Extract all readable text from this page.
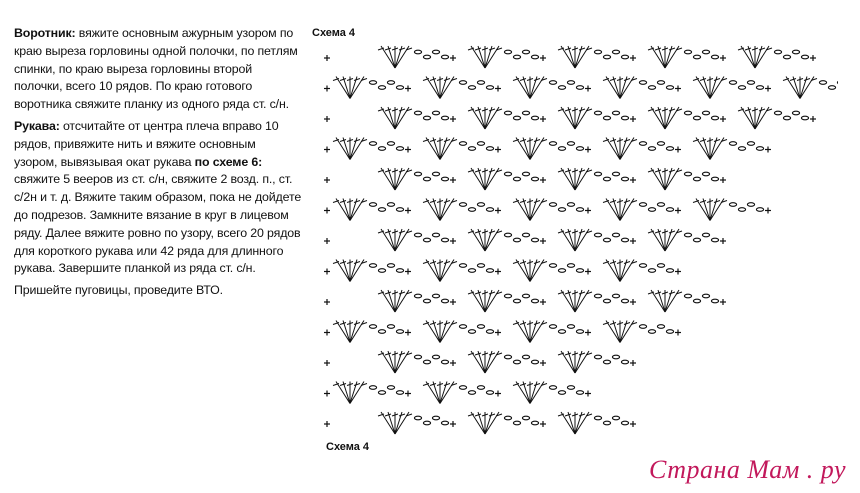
Воротник: вяжите основным ажурным узором по краю выреза горловины одной полочки, по петлям спинки, по краю выреза горловины второй полочки, всего 10 рядов. По краю готового воротника свяжите планку из одного ряда ст. с/н.

Рукава: отсчитайте от центра плеча вправо 10 рядов, привяжите нить и вяжите основным узором, вывязывая окат рукава по схеме 6: свяжите 5 вееров из ст. с/н, свяжите 2 возд. п., ст. с/2н и т. д. Вяжите таким образом, пока не дойдете до подрезов. Замкните вязание в круг в лицевом ряду. Далее вяжите ровно по узору, всего 20 рядов для короткого рукава или 42 ряда для длинного рукава. Завершите планкой из ряда ст. с/н.

Пришейте пуговицы, проведите ВТО.

Схема 4
Схема 4
Страна Мам . ру
